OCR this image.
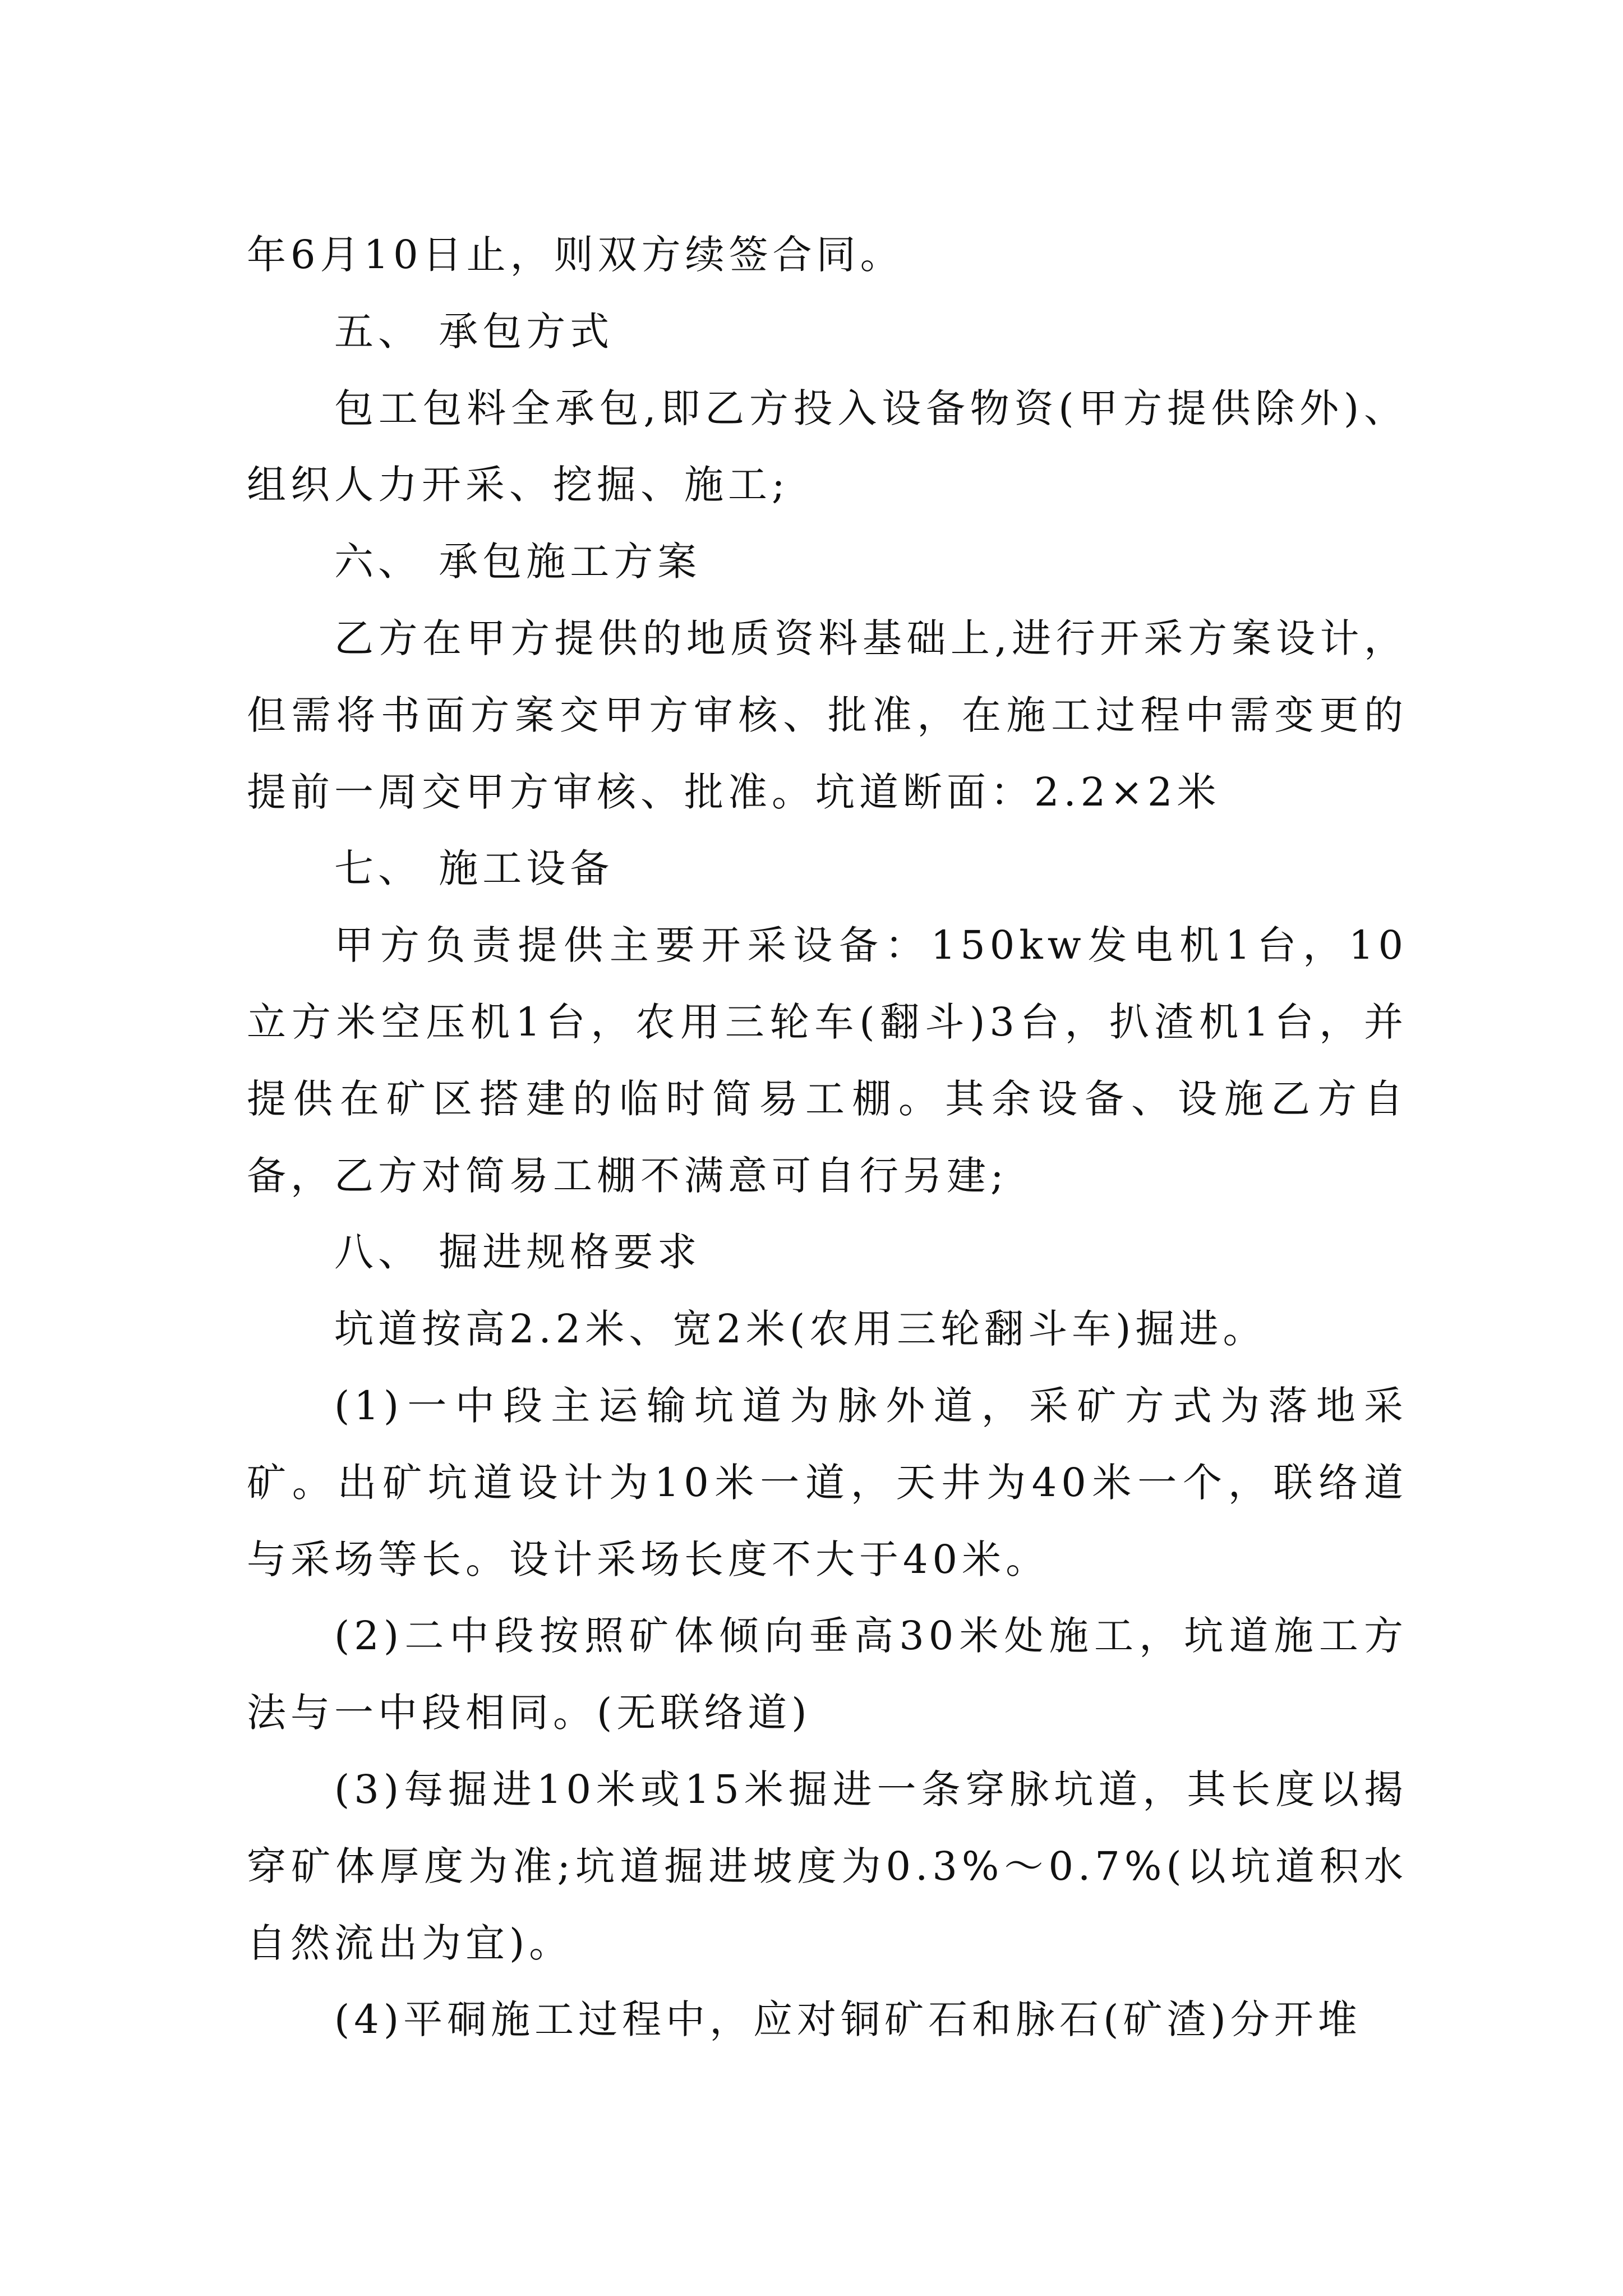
年6月10日止，则双方续签合同。

五、 承包方式

包工包料全承包,即乙方投入设备物资(甲方提供除外)、组织人力开采、挖掘、施工;

六、 承包施工方案

乙方在甲方提供的地质资料基础上,进行开采方案设计，但需将书面方案交甲方审核、批准，在施工过程中需变更的提前一周交甲方审核、批准。坑道断面：2.2×2米

七、 施工设备

甲方负责提供主要开采设备：150kw发电机1台，10立方米空压机1台，农用三轮车(翻斗)3台，扒渣机1台，并提供在矿区搭建的临时简易工棚。其余设备、设施乙方自备，乙方对简易工棚不满意可自行另建;

八、 掘进规格要求

坑道按高2.2米、宽2米(农用三轮翻斗车)掘进。

(1)一中段主运输坑道为脉外道，采矿方式为落地采矿。出矿坑道设计为10米一道，天井为40米一个，联络道与采场等长。设计采场长度不大于40米。

(2)二中段按照矿体倾向垂高30米处施工，坑道施工方法与一中段相同。(无联络道)

(3)每掘进10米或15米掘进一条穿脉坑道，其长度以揭穿矿体厚度为准;坑道掘进坡度为0.3%～0.7%(以坑道积水自然流出为宜)。

(4)平硐施工过程中，应对铜矿石和脉石(矿渣)分开堆
